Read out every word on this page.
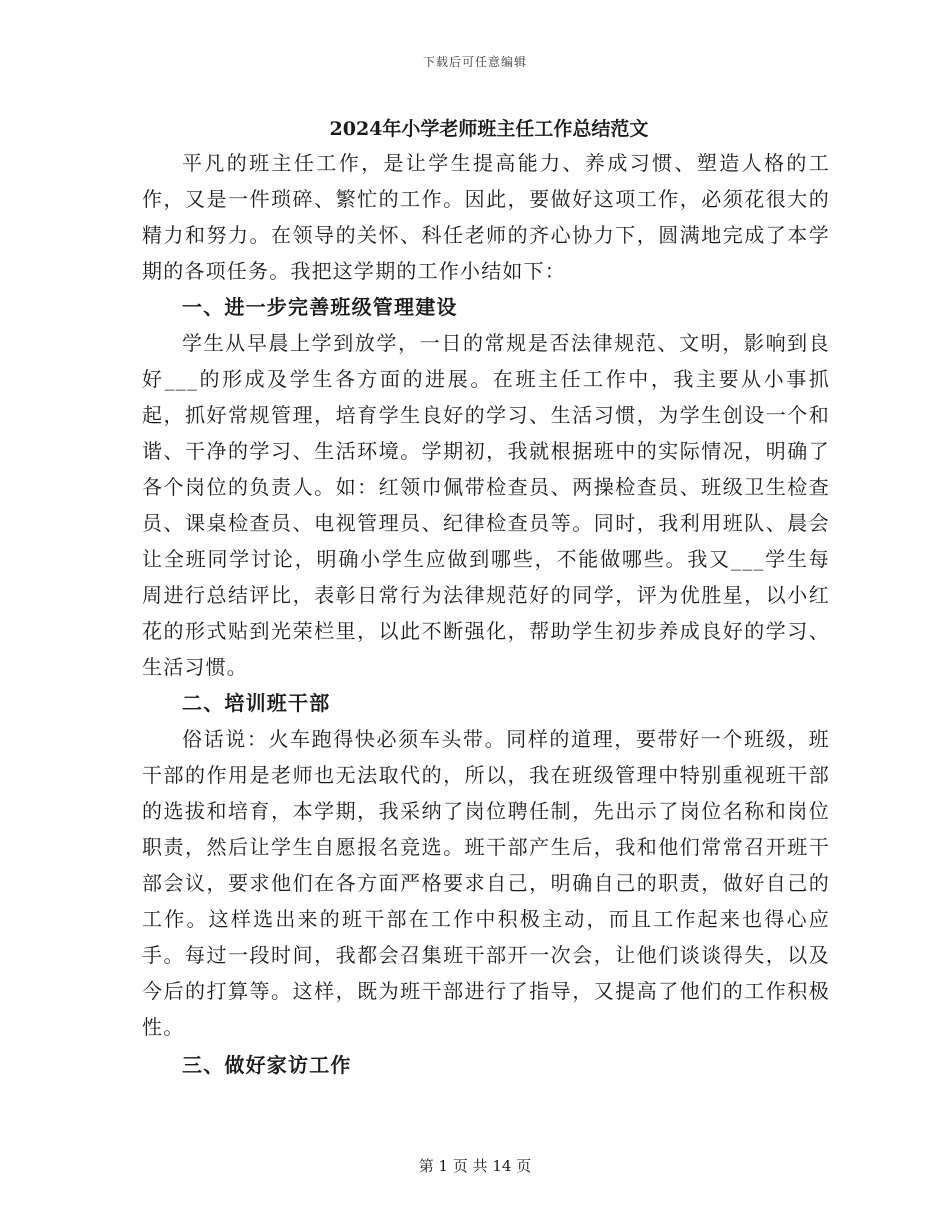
下载后可任意编辑
2024年小学老师班主任工作总结范文

平凡的班主任工作，是让学生提高能力、养成习惯、塑造人格的工作，又是一件琐碎、繁忙的工作。因此，要做好这项工作，必须花很大的精力和努力。在领导的关怀、科任老师的齐心协力下，圆满地完成了本学期的各项任务。我把这学期的工作小结如下：

一、进一步完善班级管理建设

学生从早晨上学到放学，一日的常规是否法律规范、文明，影响到良好___的形成及学生各方面的进展。在班主任工作中，我主要从小事抓起，抓好常规管理，培育学生良好的学习、生活习惯，为学生创设一个和谐、干净的学习、生活环境。学期初，我就根据班中的实际情况，明确了各个岗位的负责人。如：红领巾佩带检查员、两操检查员、班级卫生检查员、课桌检查员、电视管理员、纪律检查员等。同时，我利用班队、晨会让全班同学讨论，明确小学生应做到哪些，不能做哪些。我又___学生每周进行总结评比，表彰日常行为法律规范好的同学，评为优胜星，以小红花的形式贴到光荣栏里，以此不断强化，帮助学生初步养成良好的学习、生活习惯。

二、培训班干部

俗话说：火车跑得快必须车头带。同样的道理，要带好一个班级，班干部的作用是老师也无法取代的，所以，我在班级管理中特别重视班干部的选拔和培育，本学期，我采纳了岗位聘任制，先出示了岗位名称和岗位职责，然后让学生自愿报名竞选。班干部产生后，我和他们常常召开班干部会议，要求他们在各方面严格要求自己，明确自己的职责，做好自己的工作。这样选出来的班干部在工作中积极主动，而且工作起来也得心应手。每过一段时间，我都会召集班干部开一次会，让他们谈谈得失，以及今后的打算等。这样，既为班干部进行了指导，又提高了他们的工作积极性。

三、做好家访工作

第 1 页 共 14 页
